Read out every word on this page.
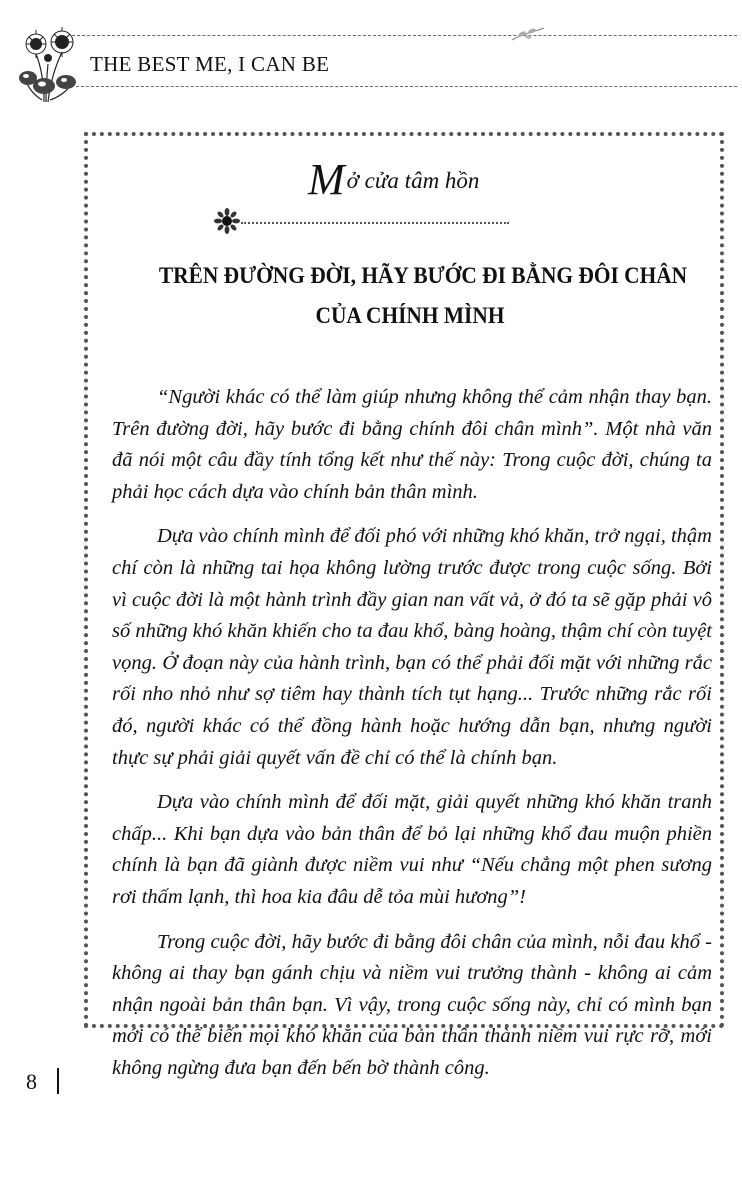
THE BEST ME, I CAN BE
Mở cửa tâm hồn
TRÊN ĐƯỜNG ĐỜI, HÃY BƯỚC ĐI BẰNG ĐÔI CHÂN
CỦA CHÍNH MÌNH

“Người khác có thể làm giúp nhưng không thể cảm nhận thay bạn. Trên đường đời, hãy bước đi bằng chính đôi chân mình”. Một nhà văn đã nói một câu đầy tính tổng kết như thế này: Trong cuộc đời, chúng ta phải học cách dựa vào chính bản thân mình.

Dựa vào chính mình để đối phó với những khó khăn, trở ngại, thậm chí còn là những tai họa không lường trước được trong cuộc sống. Bởi vì cuộc đời là một hành trình đầy gian nan vất vả, ở đó ta sẽ gặp phải vô số những khó khăn khiến cho ta đau khổ, bàng hoàng, thậm chí còn tuyệt vọng. Ở đoạn này của hành trình, bạn có thể phải đối mặt với những rắc rối nho nhỏ như sợ tiêm hay thành tích tụt hạng... Trước những rắc rối đó, người khác có thể đồng hành hoặc hướng dẫn bạn, nhưng người thực sự phải giải quyết vấn đề chỉ có thể là chính bạn.

Dựa vào chính mình để đối mặt, giải quyết những khó khăn tranh chấp... Khi bạn dựa vào bản thân để bỏ lại những khổ đau muộn phiền chính là bạn đã giành được niềm vui như “Nếu chẳng một phen sương rơi thấm lạnh, thì hoa kia đâu dễ tỏa mùi hương”!

Trong cuộc đời, hãy bước đi bằng đôi chân của mình, nỗi đau khổ - không ai thay bạn gánh chịu và niềm vui trưởng thành - không ai cảm nhận ngoài bản thân bạn. Vì vậy, trong cuộc sống này, chỉ có mình bạn mới có thể biến mọi khó khăn của bản thân thành niềm vui rực rỡ, mới không ngừng đưa bạn đến bến bờ thành công.

8
